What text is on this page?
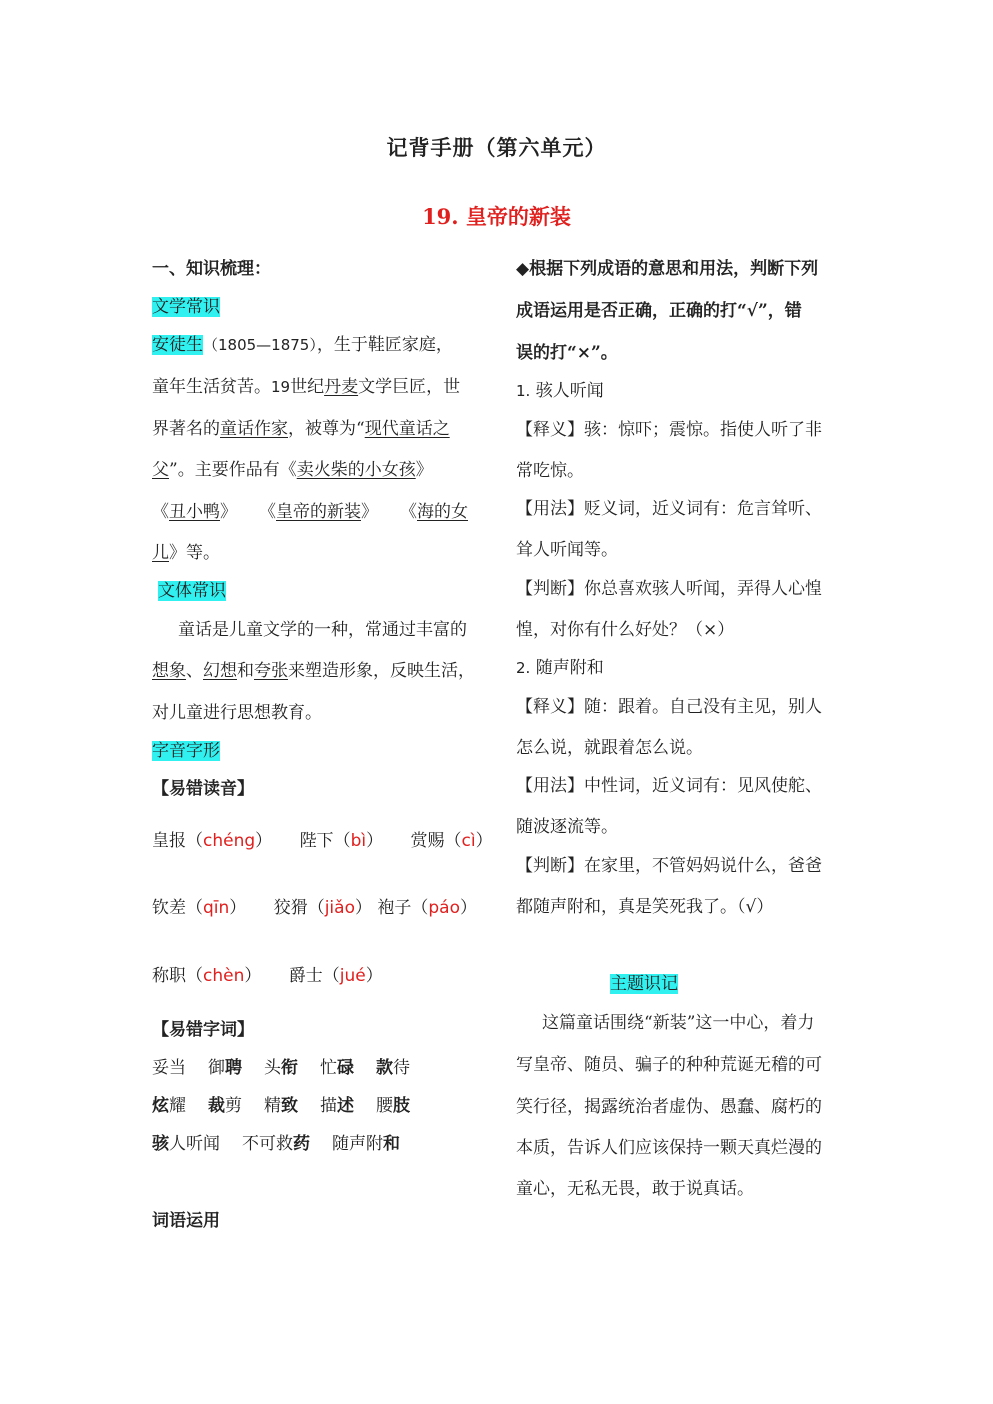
记背手册（第六单元）
19. 皇帝的新装
一、知识梳理：
文学常识
安徒生（1805—1875），生于鞋匠家庭，
童年生活贫苦。19世纪丹麦文学巨匠，世
界著名的童话作家，被尊为“现代童话之
父”。主要作品有《卖火柴的小女孩》
《丑小鸭》 《皇帝的新装》 《海的女
儿》等。
文体常识
童话是儿童文学的一种，常通过丰富的
想象、幻想和夸张来塑造形象，反映生活，
对儿童进行思想教育。
字音字形
【易错读音】
皇报（chéng） 陛下（bì） 赏赐（cì）
钦差（qīn） 狡猾（jiǎo） 袍子（páo）
称职（chèn） 爵士（jué）
【易错字词】
妥当 御聘 头衔 忙碌 款待
炫耀 裁剪 精致 描述 腰肢
骇人听闻 不可救药 随声附和
词语运用
◆根据下列成语的意思和用法，判断下列
成语运用是否正确，正确的打“√”，错
误的打“×”。
1. 骇人听闻
【释义】骇：惊吓；震惊。指使人听了非
常吃惊。
【用法】贬义词，近义词有：危言耸听、
耸人听闻等。
【判断】你总喜欢骇人听闻，弄得人心惶
惶，对你有什么好处？（×）
2. 随声附和
【释义】随：跟着。自己没有主见，别人
怎么说，就跟着怎么说。
【用法】中性词，近义词有：见风使舵、
随波逐流等。
【判断】在家里，不管妈妈说什么，爸爸
都随声附和，真是笑死我了。（√）
主题识记
这篇童话围绕“新装”这一中心，着力
写皇帝、随员、骗子的种种荒诞无稽的可
笑行径，揭露统治者虚伪、愚蠢、腐朽的
本质，告诉人们应该保持一颗天真烂漫的
童心，无私无畏，敢于说真话。
